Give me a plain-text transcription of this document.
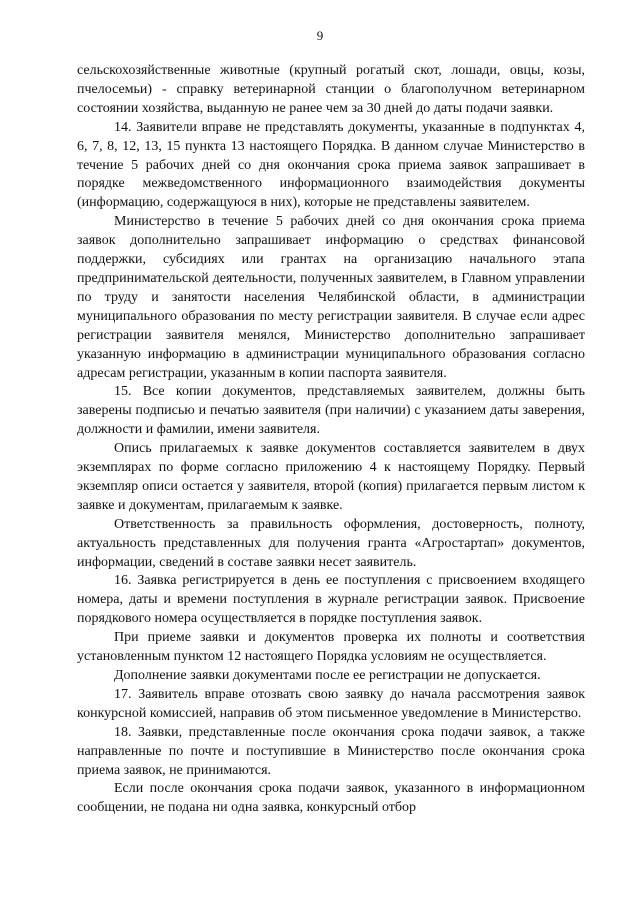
9

сельскохозяйственные животные (крупный рогатый скот, лошади, овцы, козы, пчелосемьи) - справку ветеринарной станции о благополучном ветеринарном состоянии хозяйства, выданную не ранее чем за 30 дней до даты подачи заявки.

14. Заявители вправе не представлять документы, указанные в подпунктах 4, 6, 7, 8, 12, 13, 15 пункта 13 настоящего Порядка. В данном случае Министерство в течение 5 рабочих дней со дня окончания срока приема заявок запрашивает в порядке межведомственного информационного взаимодействия документы (информацию, содержащуюся в них), которые не представлены заявителем.

Министерство в течение 5 рабочих дней со дня окончания срока приема заявок дополнительно запрашивает информацию о средствах финансовой поддержки, субсидиях или грантах на организацию начального этапа предпринимательской деятельности, полученных заявителем, в Главном управлении по труду и занятости населения Челябинской области, в администрации муниципального образования по месту регистрации заявителя. В случае если адрес регистрации заявителя менялся, Министерство дополнительно запрашивает указанную информацию в администрации муниципального образования согласно адресам регистрации, указанным в копии паспорта заявителя.

15. Все копии документов, представляемых заявителем, должны быть заверены подписью и печатью заявителя (при наличии) с указанием даты заверения, должности и фамилии, имени заявителя.

Опись прилагаемых к заявке документов составляется заявителем в двух экземплярах по форме согласно приложению 4 к настоящему Порядку. Первый экземпляр описи остается у заявителя, второй (копия) прилагается первым листом к заявке и документам, прилагаемым к заявке.

Ответственность за правильность оформления, достоверность, полноту, актуальность представленных для получения гранта «Агростартап» документов, информации, сведений в составе заявки несет заявитель.

16. Заявка регистрируется в день ее поступления с присвоением входящего номера, даты и времени поступления в журнале регистрации заявок. Присвоение порядкового номера осуществляется в порядке поступления заявок.

При приеме заявки и документов проверка их полноты и соответствия установленным пунктом 12 настоящего Порядка условиям не осуществляется.

Дополнение заявки документами после ее регистрации не допускается.

17. Заявитель вправе отозвать свою заявку до начала рассмотрения заявок конкурсной комиссией, направив об этом письменное уведомление в Министерство.

18. Заявки, представленные после окончания срока подачи заявок, а также направленные по почте и поступившие в Министерство после окончания срока приема заявок, не принимаются.

Если после окончания срока подачи заявок, указанного в информационном сообщении, не подана ни одна заявка, конкурсный отбор
